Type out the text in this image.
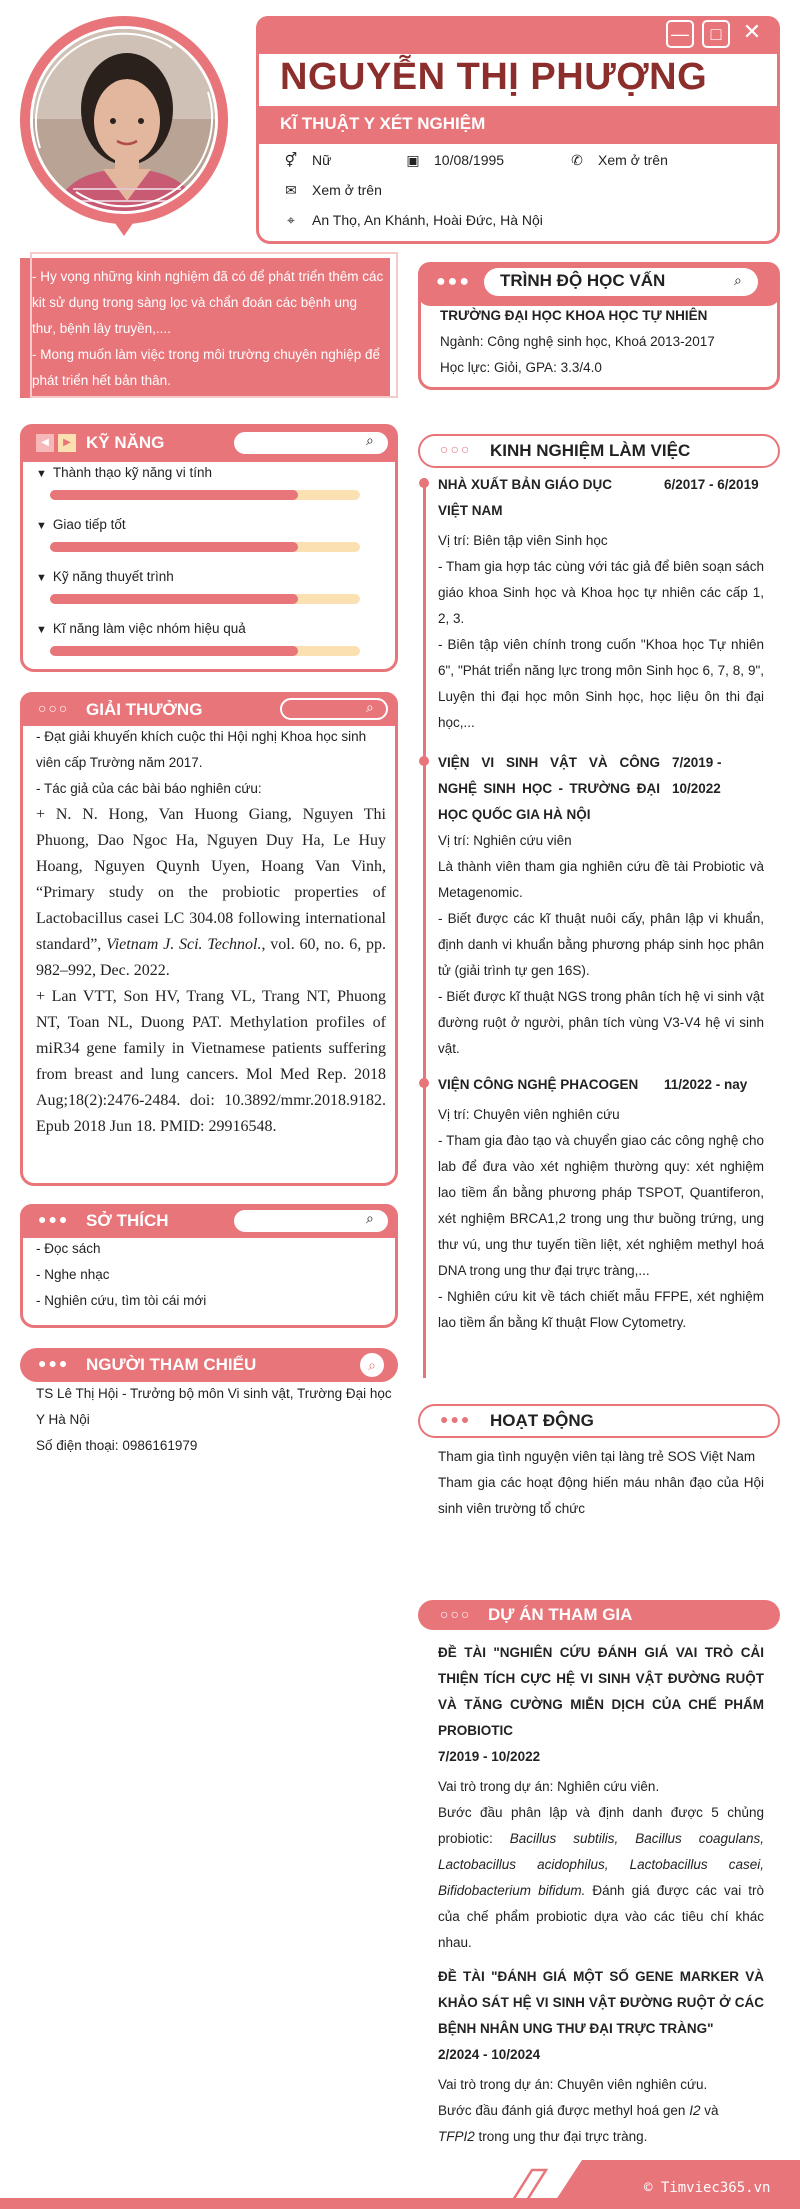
—	□ ✕
NGUYỄN THỊ PHƯỢNG
KĨ THUẬT Y XÉT NGHIỆM
⚥ Nữ	▣ 10/08/1995	✆ Xem ở trên
✉ Xem ở trên
⌖ An Thọ, An Khánh, Hoài Đức, Hà Nội
- Hy vọng những kinh nghiệm đã có để phát triển thêm các kit sử dụng trong sàng lọc và chẩn đoán các bệnh ung thư, bệnh lây truyền,....
- Mong muốn làm việc trong môi trường chuyên nghiệp để phát triển hết bản thân.
●●● TRÌNH ĐỘ HỌC VẤN	⌕
TRƯỜNG ĐẠI HỌC KHOA HỌC TỰ NHIÊN
Ngành: Công nghệ sinh học, Khoá 2013-2017
Học lực: Giỏi, GPA: 3.3/4.0
◀	▶ KỸ NĂNG	⌕
▼ Thành thạo kỹ năng vi tính
▼ Giao tiếp tốt
▼ Kỹ năng thuyết trình
▼ Kĩ năng làm việc nhóm hiệu quả
○○○ GIẢI THƯỞNG	⌕
- Đạt giải khuyến khích cuộc thi Hội nghị Khoa học sinh viên cấp Trường năm 2017.
- Tác giả của các bài báo nghiên cứu:
+ N. N. Hong, Van Huong Giang, Nguyen Thi Phuong, Dao Ngoc Ha, Nguyen Duy Ha, Le Huy Hoang, Nguyen Quynh Uyen, Hoang Van Vinh, “Primary study on the probiotic properties of Lactobacillus casei LC 304.08 following international standard”, Vietnam J. Sci. Technol., vol. 60, no. 6, pp. 982–992, Dec. 2022.
+ Lan VTT, Son HV, Trang VL, Trang NT, Phuong NT, Toan NL, Duong PAT. Methylation profiles of miR34 gene family in Vietnamese patients suffering from breast and lung cancers. Mol Med Rep. 2018 Aug;18(2):2476-2484. doi: 10.3892/mmr.2018.9182. Epub 2018 Jun 18. PMID: 29916548.
●●● SỞ THÍCH	⌕
- Đọc sách
- Nghe nhạc
- Nghiên cứu, tìm tòi cái mới
●●● NGƯỜI THAM CHIẾU	⌕
TS Lê Thị Hội - Trưởng bộ môn Vi sinh vật, Trường Đại học Y Hà Nội
Số điện thoại: 0986161979
○○○ KINH NGHIỆM LÀM VIỆC
NHÀ XUẤT BẢN GIÁO DỤC VIỆT NAM
6/2017 - 6/2019
Vị trí: Biên tập viên Sinh học
- Tham gia hợp tác cùng với tác giả để biên soạn sách giáo khoa Sinh học và Khoa học tự nhiên các cấp 1, 2, 3.
- Biên tập viên chính trong cuốn "Khoa học Tự nhiên 6", "Phát triển năng lực trong môn Sinh học 6, 7, 8, 9", Luyện thi đại học môn Sinh học, học liệu ôn thi đại học,...
VIỆN VI SINH VẬT VÀ CÔNG NGHỆ SINH HỌC - TRƯỜNG ĐẠI HỌC QUỐC GIA HÀ NỘI
7/2019 - 10/2022
Vị trí: Nghiên cứu viên
Là thành viên tham gia nghiên cứu đề tài Probiotic và Metagenomic.
- Biết được các kĩ thuật nuôi cấy, phân lập vi khuẩn, định danh vi khuẩn bằng phương pháp sinh học phân tử (giải trình tự gen 16S).
- Biết được kĩ thuật NGS trong phân tích hệ vi sinh vật đường ruột ở người, phân tích vùng V3-V4 hệ vi sinh vật.
VIỆN CÔNG NGHỆ PHACOGEN	11/2022 - nay
Vị trí: Chuyên viên nghiên cứu
- Tham gia đào tạo và chuyển giao các công nghệ cho lab để đưa vào xét nghiệm thường quy: xét nghiệm lao tiềm ẩn bằng phương pháp TSPOT, Quantiferon, xét nghiệm BRCA1,2 trong ung thư buồng trứng, ung thư vú, ung thư tuyến tiền liệt, xét nghiệm methyl hoá DNA trong ung thư đại trực tràng,...
- Nghiên cứu kit về tách chiết mẫu FFPE, xét nghiệm lao tiềm ẩn bằng kĩ thuật Flow Cytometry.
●●● HOẠT ĐỘNG
Tham gia tình nguyện viên tại làng trẻ SOS Việt Nam
Tham gia các hoạt động hiến máu nhân đạo của Hội sinh viên trường tổ chức
○○○ DỰ ÁN THAM GIA
ĐỀ TÀI "NGHIÊN CỨU ĐÁNH GIÁ VAI TRÒ CẢI THIỆN TÍCH CỰC HỆ VI SINH VẬT ĐƯỜNG RUỘT VÀ TĂNG CƯỜNG MIỄN DỊCH CỦA CHẾ PHẨM PROBIOTIC
7/2019 - 10/2022
Vai trò trong dự án: Nghiên cứu viên.
Bước đầu phân lập và định danh được 5 chủng probiotic: Bacillus subtilis, Bacillus coagulans, Lactobacillus acidophilus, Lactobacillus casei, Bifidobacterium bifidum. Đánh giá được các vai trò của chế phẩm probiotic dựa vào các tiêu chí khác nhau.
ĐỀ TÀI "ĐÁNH GIÁ MỘT SỐ GENE MARKER VÀ KHẢO SÁT HỆ VI SINH VẬT ĐƯỜNG RUỘT Ở CÁC BỆNH NHÂN UNG THƯ ĐẠI TRỰC TRÀNG"
2/2024 - 10/2024
Vai trò trong dự án: Chuyên viên nghiên cứu.
Bước đầu đánh giá được methyl hoá gen I2 và
TFPI2 trong ung thư đại trực tràng.
© Timviec365.vn
